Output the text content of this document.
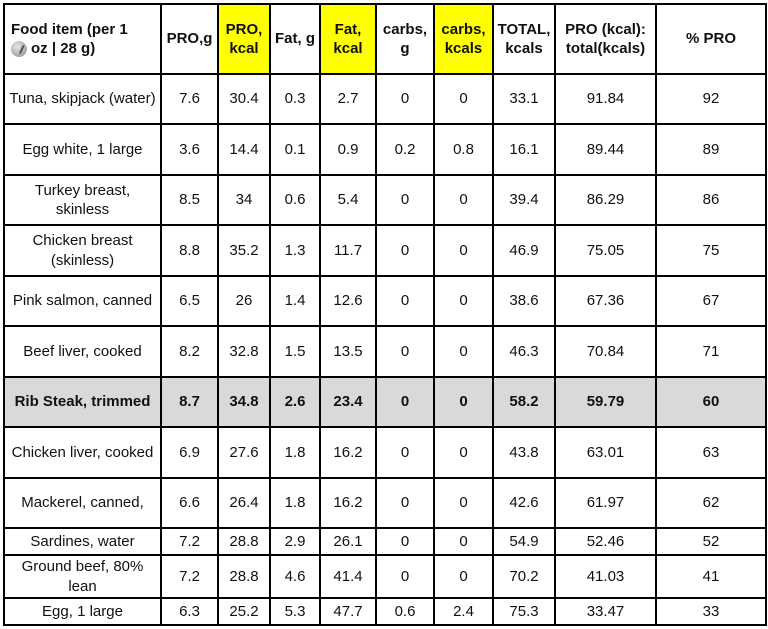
Food item (per 1
oz | 28 g)	PRO,g	PRO, kcal	Fat, g	Fat, kcal	carbs, g	carbs, kcals	TOTAL, kcals	PRO (kcal): total(kcals)	% PRO
Tuna, skipjack (water)	7.6	30.4	0.3	2.7	0	0	33.1	91.84	92
Egg white, 1 large	3.6	14.4	0.1	0.9	0.2	0.8	16.1	89.44	89
Turkey breast, skinless	8.5	34	0.6	5.4	0	0	39.4	86.29	86
Chicken breast (skinless)	8.8	35.2	1.3	11.7	0	0	46.9	75.05	75
Pink salmon, canned	6.5	26	1.4	12.6	0	0	38.6	67.36	67
Beef liver, cooked	8.2	32.8	1.5	13.5	0	0	46.3	70.84	71
Rib Steak, trimmed	8.7	34.8	2.6	23.4	0	0	58.2	59.79	60
Chicken liver, cooked	6.9	27.6	1.8	16.2	0	0	43.8	63.01	63
Mackerel, canned,	6.6	26.4	1.8	16.2	0	0	42.6	61.97	62
Sardines, water	7.2	28.8	2.9	26.1	0	0	54.9	52.46	52
Ground beef, 80% lean	7.2	28.8	4.6	41.4	0	0	70.2	41.03	41
Egg, 1 large	6.3	25.2	5.3	47.7	0.6	2.4	75.3	33.47	33
